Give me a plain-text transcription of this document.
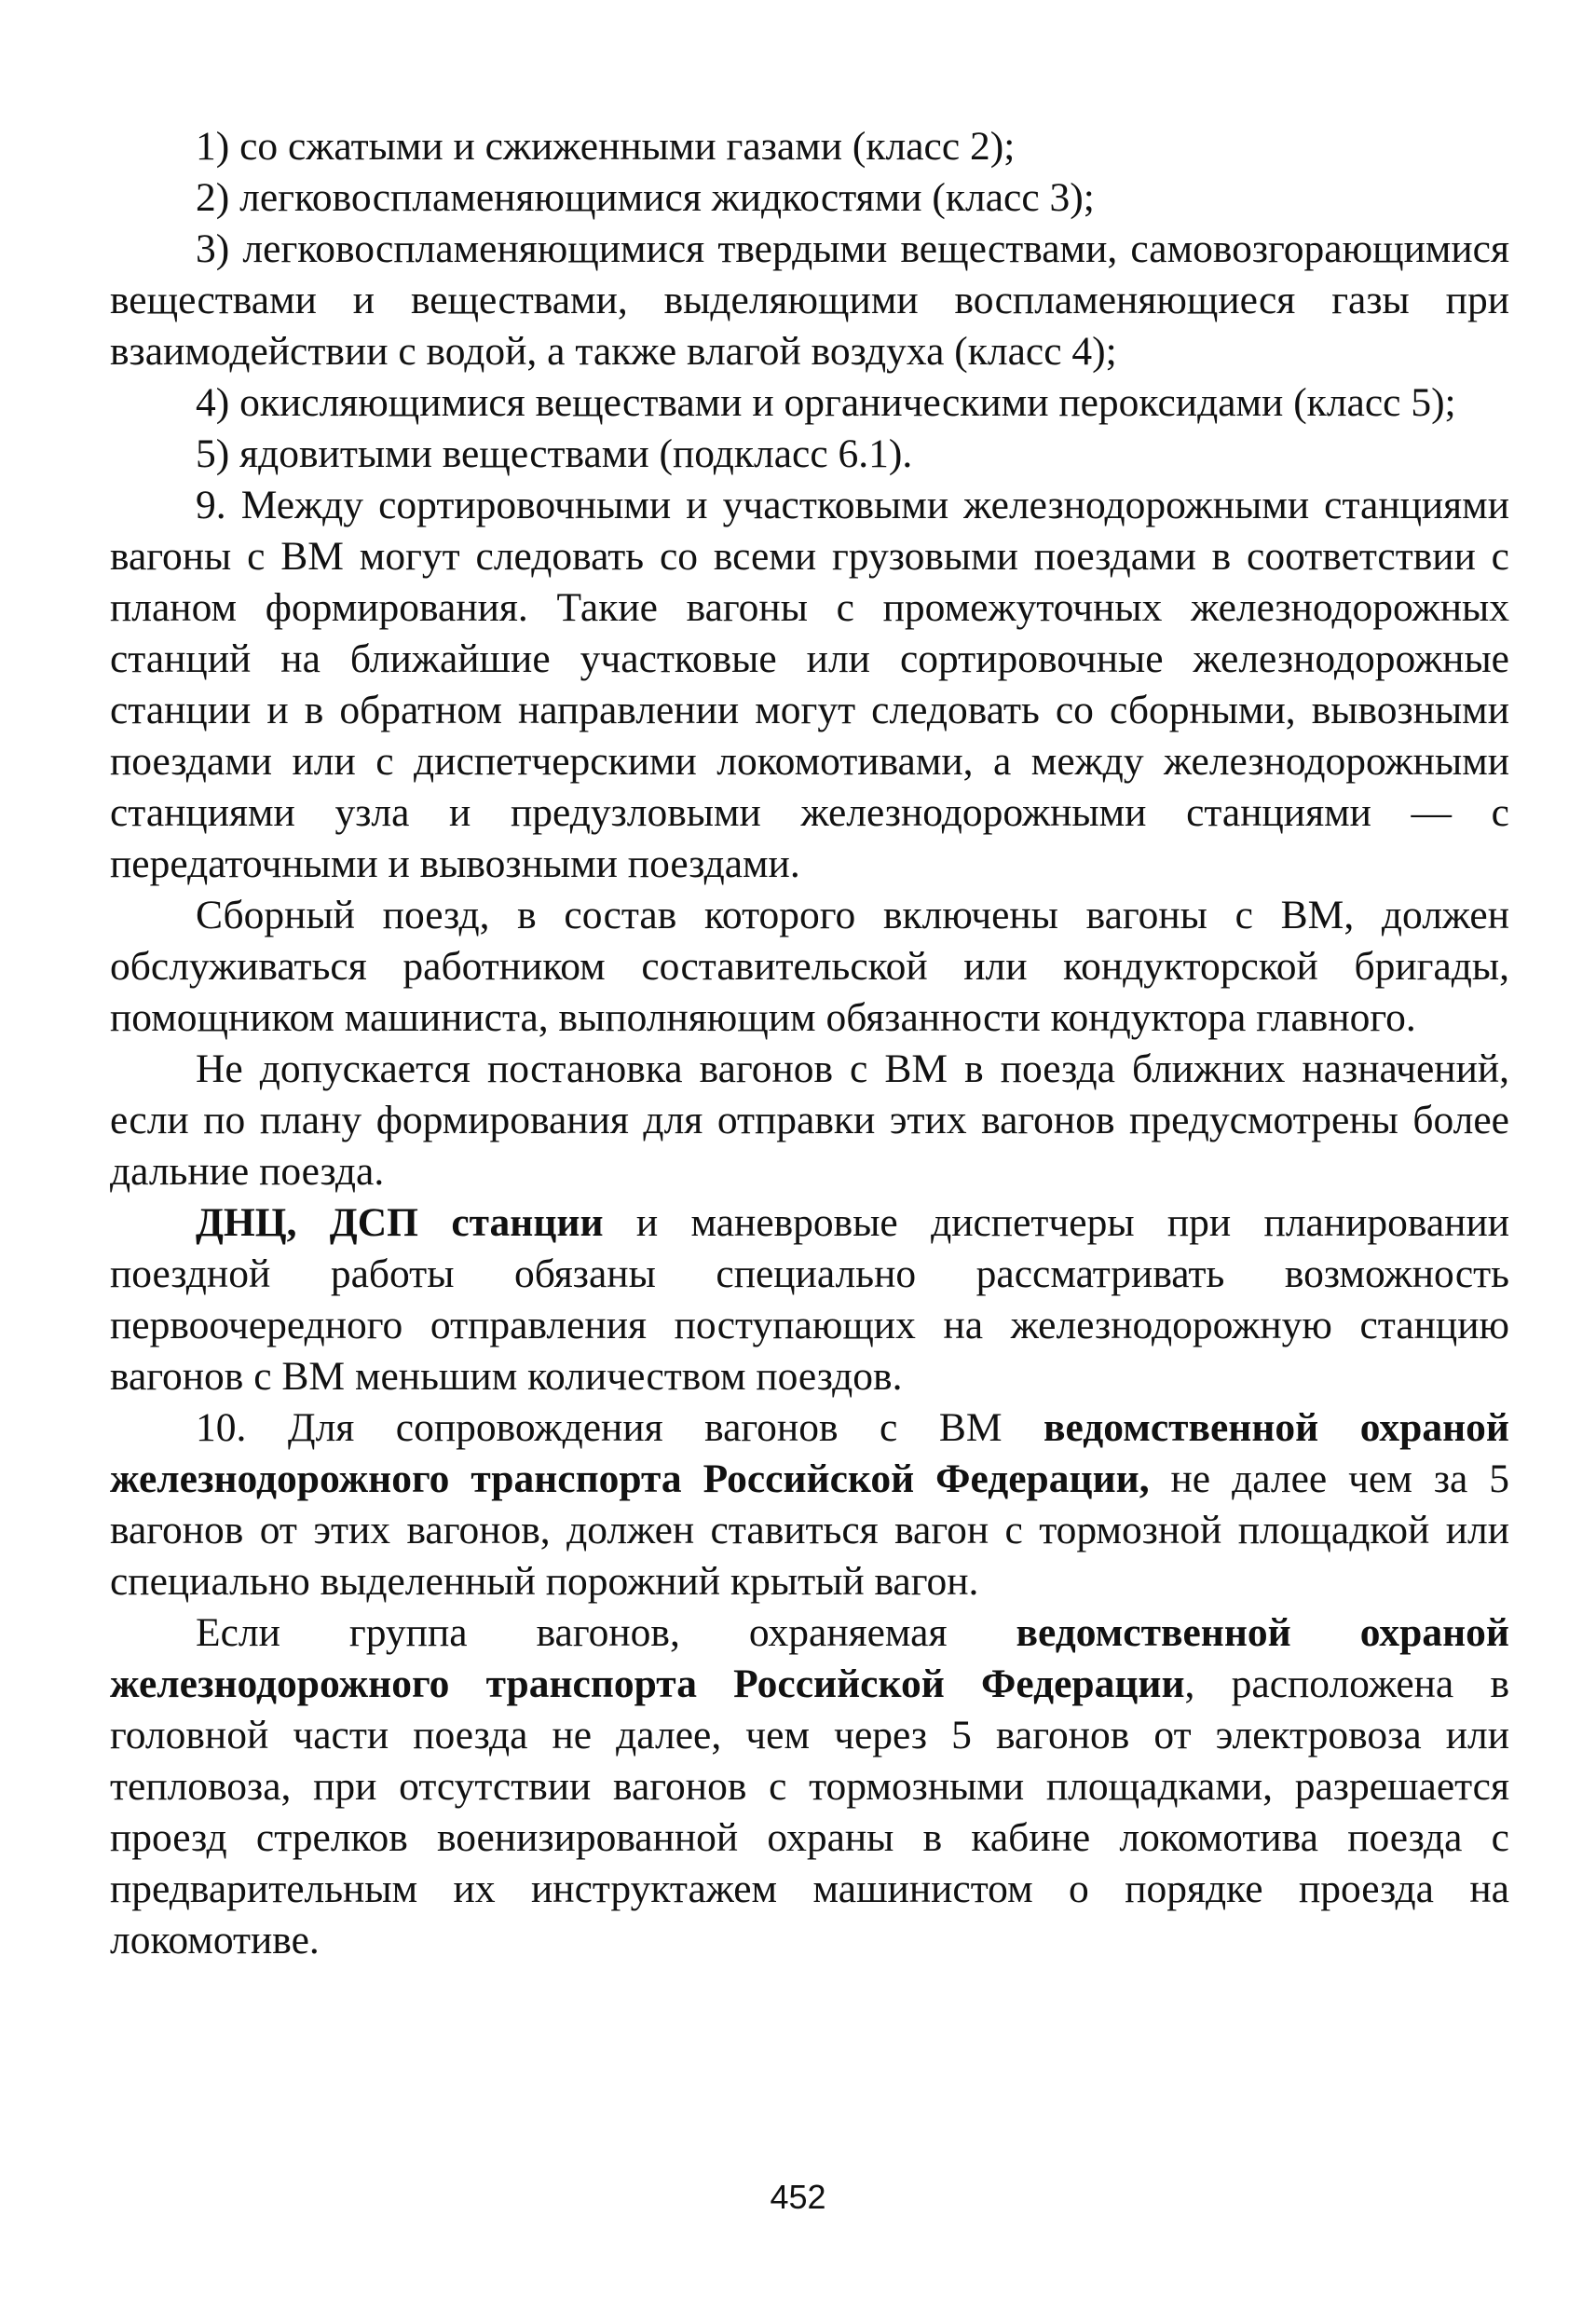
1) со сжатыми и сжиженными газами (класс 2);

2) легковоспламеняющимися жидкостями (класс 3);

3) легковоспламеняющимися твердыми веществами, самовозгорающимися веществами и веществами, выделяющими воспламеняющиеся газы при взаимодействии с водой, а также влагой воздуха (класс 4);

4) окисляющимися веществами и органическими пероксидами (класс 5);

5) ядовитыми веществами (подкласс 6.1).

9. Между сортировочными и участковыми железнодорожными станциями вагоны с ВМ могут следовать со всеми грузовыми поездами в соответствии с планом формирования. Такие вагоны с промежуточных железнодорожных станций на ближайшие участковые или сортировочные железнодорожные станции и в обратном направлении могут следовать со сборными, вывозными поездами или с диспетчерскими локомотивами, а между железнодорожными станциями узла и предузловыми железнодорожными станциями — с передаточными и вывозными поездами.

Сборный поезд, в состав которого включены вагоны с ВМ, должен обслуживаться работником составительской или кондукторской бригады, помощником машиниста, выполняющим обязанности кондуктора главного.

Не допускается постановка вагонов с ВМ в поезда ближних назначений, если по плану формирования для отправки этих вагонов предусмотрены более дальние поезда.

ДНЦ, ДСП станции и маневровые диспетчеры при планировании поездной работы обязаны специально рассматривать возможность первоочередного отправления поступающих на железнодорожную станцию вагонов с ВМ меньшим количеством поездов.

10. Для сопровождения вагонов с ВМ ведомственной охраной железнодорожного транспорта Российской Федерации, не далее чем за 5 вагонов от этих вагонов, должен ставиться вагон с тормозной площадкой или специально выделенный порожний крытый вагон.

Если группа вагонов, охраняемая ведомственной охраной железнодорожного транспорта Российской Федерации, расположена в головной части поезда не далее, чем через 5 вагонов от электровоза или тепловоза, при отсутствии вагонов с тормозными площадками, разрешается проезд стрелков военизированной охраны в кабине локомотива поезда с предварительным их инструктажем машинистом о порядке проезда на локомотиве.

452
